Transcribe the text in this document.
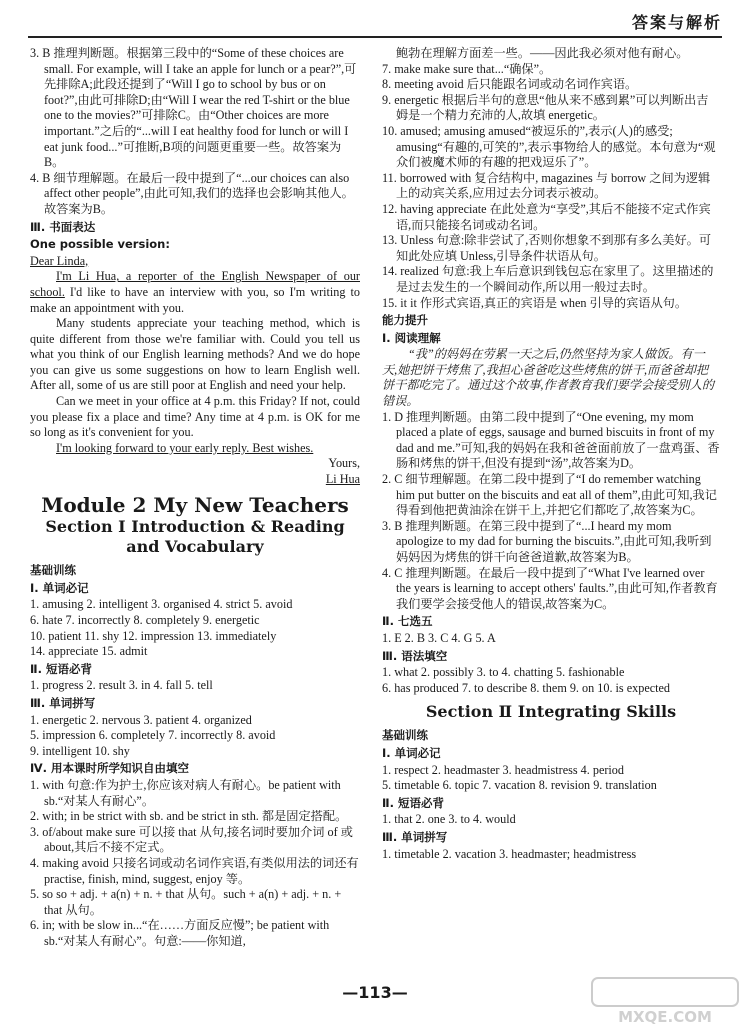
答案与解析

3. B 推理判断题。根据第三段中的“Some of these choices are small. For example, will I take an apple for lunch or a pear?”,可先排除A;此段还提到了“Will I go to school by bus or on foot?”,由此可排除D;由“Will I wear the red T-shirt or the blue one to the movies?”可排除C。由“Other choices are more important.”之后的“...will I eat healthy food for lunch or will I eat junk food...”可推断,B项的问题更重要一些。故答案为B。

4. B 细节理解题。在最后一段中提到了“...our choices can also affect other people”,由此可知,我们的选择也会影响其他人。故答案为B。

Ⅲ. 书面表达
One possible version:

Dear Linda,

I'm Li Hua, a reporter of the English Newspaper of our school. I'd like to have an interview with you, so I'm writing to make an appointment with you.

Many students appreciate your teaching method, which is quite different from those we're familiar with. Could you tell us what you think of our English learning methods? And we do hope you can give us some suggestions on how to learn English well. After all, some of us are still poor at English and need your help.

Can we meet in your office at 4 p.m. this Friday? If not, could you please fix a place and time? Any time at 4 p.m. is OK for me so long as it's convenient for you.

I'm looking forward to your early reply. Best wishes.

Yours,

Li Hua

Module 2 My New Teachers
Section Ⅰ Introduction & Reading
and Vocabulary
基础训练
Ⅰ. 单词必记

1. amusing 2. intelligent 3. organised 4. strict 5. avoid

6. hate 7. incorrectly 8. completely 9. energetic

10. patient 11. shy 12. impression 13. immediately

14. appreciate 15. admit

Ⅱ. 短语必背

1. progress 2. result 3. in 4. fall 5. tell

Ⅲ. 单词拼写

1. energetic 2. nervous 3. patient 4. organized

5. impression 6. completely 7. incorrectly 8. avoid

9. intelligent 10. shy

Ⅳ. 用本课时所学知识自由填空

1. with 句意:作为护士,你应该对病人有耐心。be patient with sb.“对某人有耐心”。

2. with; in be strict with sb. and be strict in sth. 都是固定搭配。

3. of/about make sure 可以接 that 从句,接名词时要加介词 of 或 about,其后不接不定式。

4. making avoid 只接名词或动名词作宾语,有类似用法的词还有 practise, finish, mind, suggest, enjoy 等。

5. so so + adj. + a(n) + n. + that 从句。such + a(n) + adj. + n. + that 从句。

6. in; with be slow in...“在……方面反应慢”; be patient with sb.“对某人有耐心”。句意:——你知道,

鲍勃在理解方面差一些。——因此我必须对他有耐心。

7. make make sure that...“确保”。

8. meeting avoid 后只能跟名词或动名词作宾语。

9. energetic 根据后半句的意思“他从来不感到累”可以判断出吉姆是一个精力充沛的人,故填 energetic。

10. amused; amusing amused“被逗乐的”,表示(人)的感受; amusing“有趣的,可笑的”,表示事物给人的感觉。本句意为“观众们被魔术师的有趣的把戏逗乐了”。

11. borrowed with 复合结构中, magazines 与 borrow 之间为逻辑上的动宾关系,应用过去分词表示被动。

12. having appreciate 在此处意为“享受”,其后不能接不定式作宾语,而只能接名词或动名词。

13. Unless 句意:除非尝试了,否则你想象不到那有多么美好。可知此处应填 Unless,引导条件状语从句。

14. realized 句意:我上车后意识到钱包忘在家里了。这里描述的是过去发生的一个瞬间动作,所以用一般过去时。

15. it it 作形式宾语,真正的宾语是 when 引导的宾语从句。

能力提升
Ⅰ. 阅读理解

“我”的妈妈在劳累一天之后,仍然坚持为家人做饭。有一天,她把饼干烤焦了,我担心爸爸吃这些烤焦的饼干,而爸爸却把饼干都吃完了。通过这个故事,作者教育我们要学会接受别人的错误。

1. D 推理判断题。由第二段中提到了“One evening, my mom placed a plate of eggs, sausage and burned biscuits in front of my dad and me.”可知,我的妈妈在我和爸爸面前放了一盘鸡蛋、香肠和烤焦的饼干,但没有提到“汤”,故答案为D。

2. C 细节理解题。在第二段中提到了“I do remember watching him put butter on the biscuits and eat all of them”,由此可知,我记得看到他把黄油涂在饼干上,并把它们都吃了,故答案为C。

3. B 推理判断题。在第三段中提到了“...I heard my mom apologize to my dad for burning the biscuits.”,由此可知,我听到妈妈因为烤焦的饼干向爸爸道歉,故答案为B。

4. C 推理判断题。在最后一段中提到了“What I've learned over the years is learning to accept others' faults.”,由此可知,作者教育我们要学会接受他人的错误,故答案为C。

Ⅱ. 七选五

1. E 2. B 3. C 4. G 5. A

Ⅲ. 语法填空

1. what 2. possibly 3. to 4. chatting 5. fashionable

6. has produced 7. to describe 8. them 9. on 10. is expected

Section Ⅱ Integrating Skills
基础训练
Ⅰ. 单词必记

1. respect 2. headmaster 3. headmistress 4. period

5. timetable 6. topic 7. vacation 8. revision 9. translation

Ⅱ. 短语必背

1. that 2. one 3. to 4. would

Ⅲ. 单词拼写

1. timetable 2. vacation 3. headmaster; headmistress

—113—
MXQE.COM
